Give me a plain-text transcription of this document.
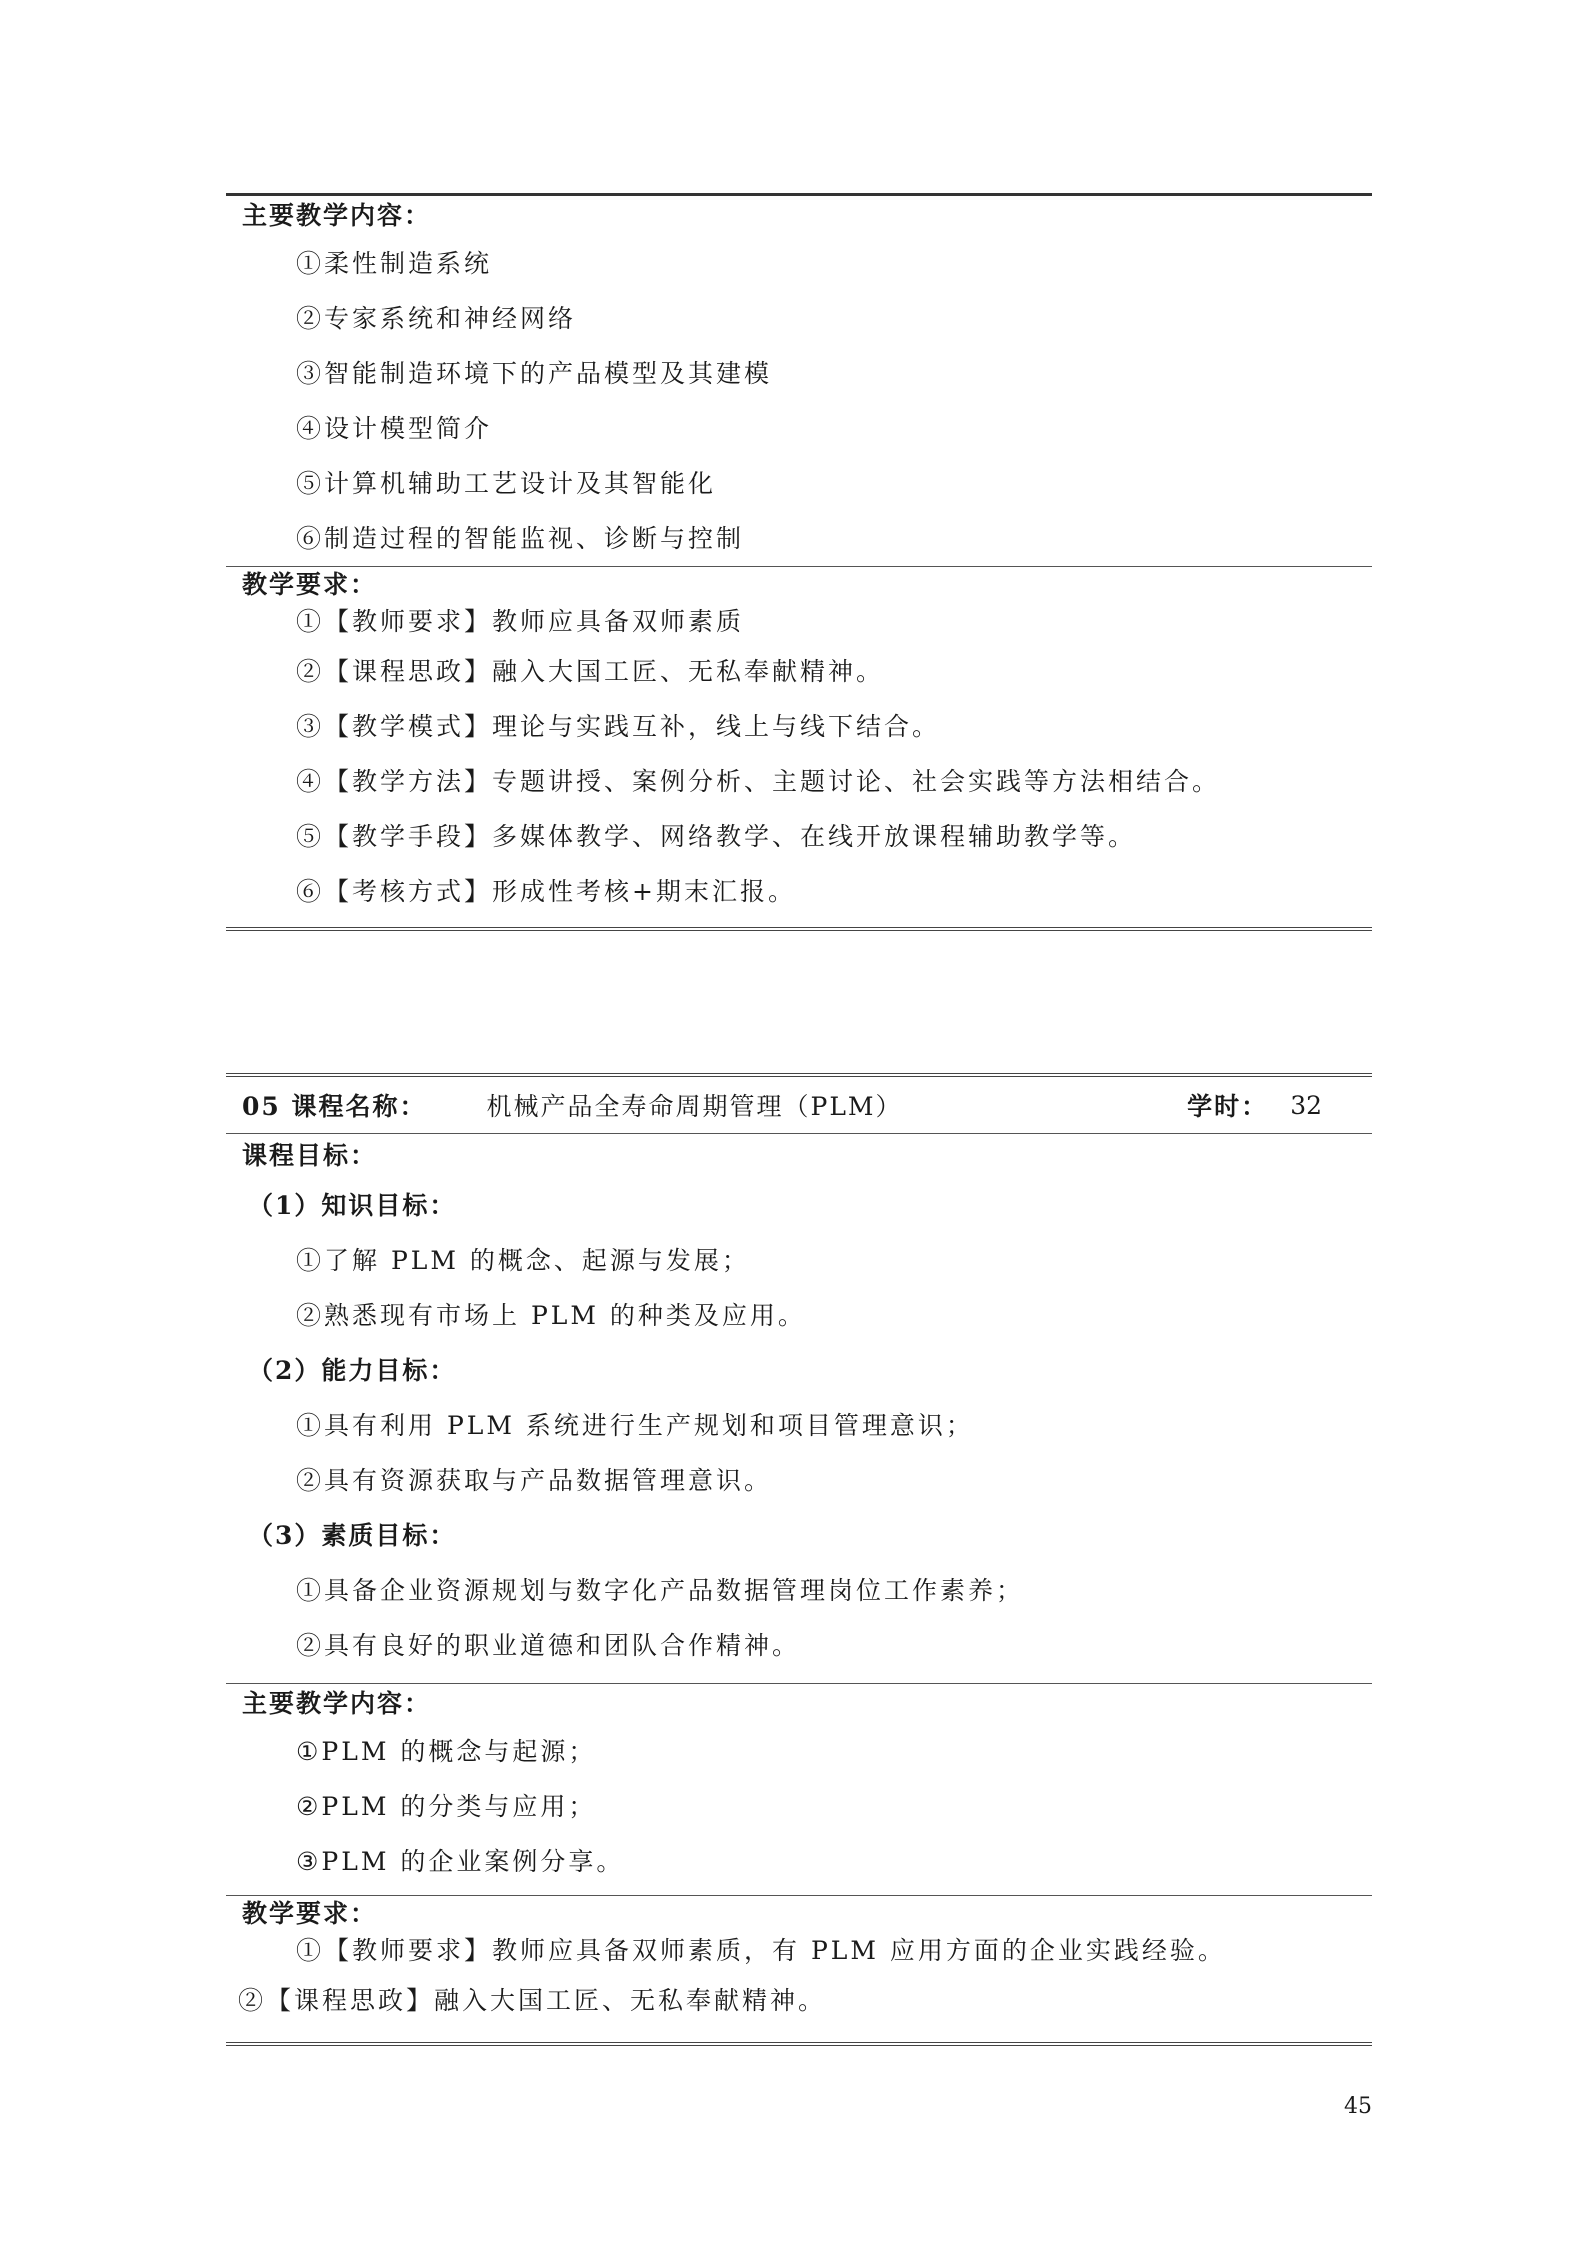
主要教学内容：
①柔性制造系统
②专家系统和神经网络
③智能制造环境下的产品模型及其建模
④设计模型简介
⑤计算机辅助工艺设计及其智能化
⑥制造过程的智能监视、诊断与控制
教学要求：
①【教师要求】教师应具备双师素质
②【课程思政】融入大国工匠、无私奉献精神。
③【教学模式】理论与实践互补，线上与线下结合。
④【教学方法】专题讲授、案例分析、主题讨论、社会实践等方法相结合。
⑤【教学手段】多媒体教学、网络教学、在线开放课程辅助教学等。
⑥【考核方式】形成性考核+期末汇报。
05 课程名称： 机械产品全寿命周期管理（PLM）	学时： 32
课程目标：
（1）知识目标：
①了解 PLM 的概念、起源与发展；
②熟悉现有市场上 PLM 的种类及应用。
（2）能力目标：
①具有利用 PLM 系统进行生产规划和项目管理意识；
②具有资源获取与产品数据管理意识。
（3）素质目标：
①具备企业资源规划与数字化产品数据管理岗位工作素养；
②具有良好的职业道德和团队合作精神。
主要教学内容：
①PLM 的概念与起源；
②PLM 的分类与应用；
③PLM 的企业案例分享。
教学要求：
①【教师要求】教师应具备双师素质，有 PLM 应用方面的企业实践经验。
②【课程思政】融入大国工匠、无私奉献精神。
45
